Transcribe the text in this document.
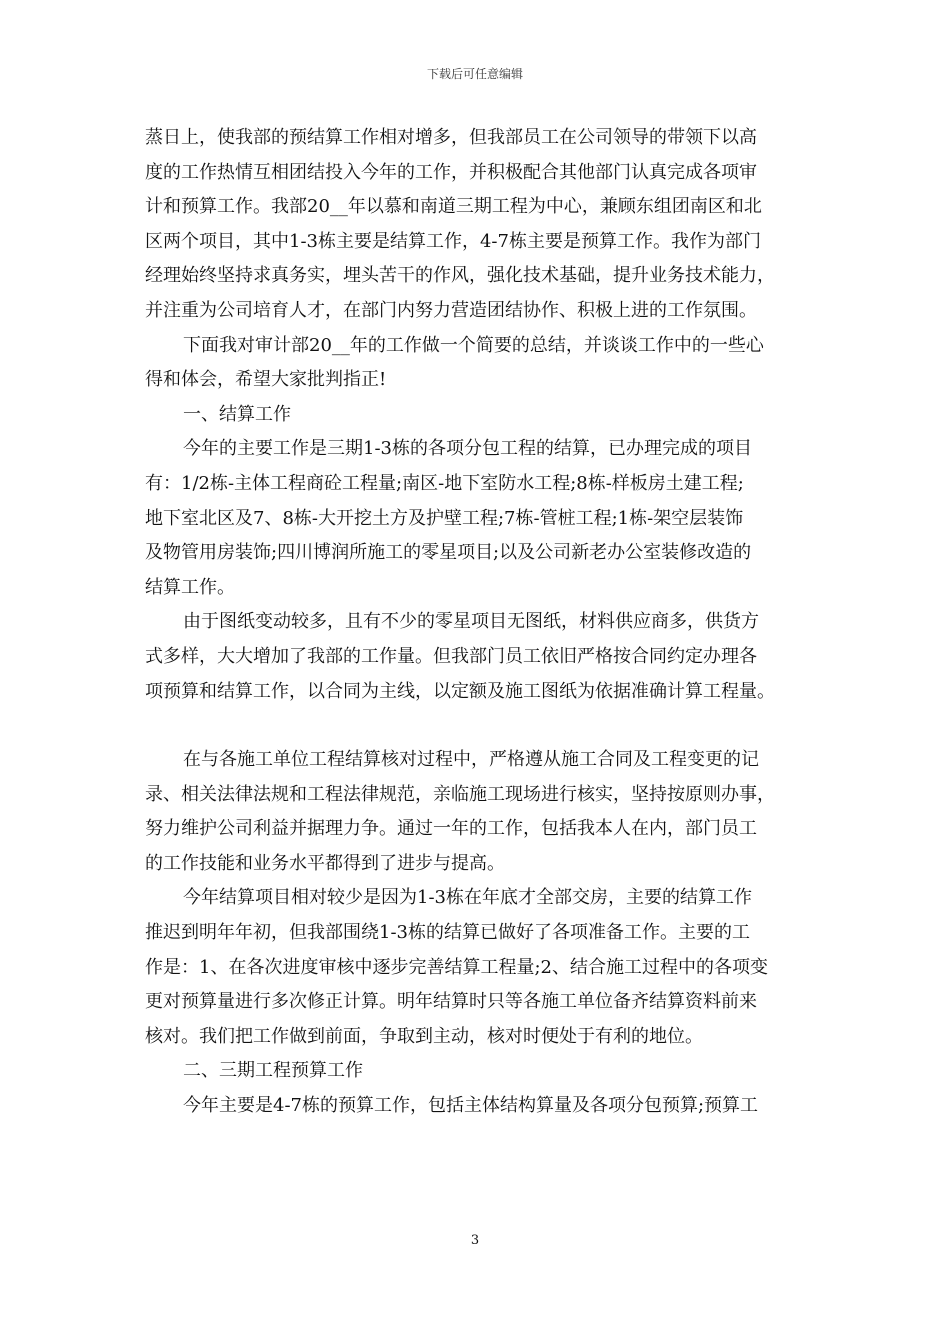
下载后可任意编辑
蒸日上，使我部的预结算工作相对增多，但我部员工在公司领导的带领下以高
度的工作热情互相团结投入今年的工作，并积极配合其他部门认真完成各项审
计和预算工作。我部20__年以慕和南道三期工程为中心，兼顾东组团南区和北
区两个项目，其中1-3栋主要是结算工作，4-7栋主要是预算工作。我作为部门
经理始终坚持求真务实，埋头苦干的作风，强化技术基础，提升业务技术能力，
并注重为公司培育人才，在部门内努力营造团结协作、积极上进的工作氛围。
下面我对审计部20__年的工作做一个简要的总结，并谈谈工作中的一些心
得和体会，希望大家批判指正!
一、结算工作
今年的主要工作是三期1-3栋的各项分包工程的结算，已办理完成的项目
有：1/2栋-主体工程商砼工程量;南区-地下室防水工程;8栋-样板房土建工程;
地下室北区及7、8栋-大开挖土方及护壁工程;7栋-管桩工程;1栋-架空层装饰
及物管用房装饰;四川博润所施工的零星项目;以及公司新老办公室装修改造的
结算工作。
由于图纸变动较多，且有不少的零星项目无图纸，材料供应商多，供货方
式多样，大大增加了我部的工作量。但我部门员工依旧严格按合同约定办理各
项预算和结算工作，以合同为主线，以定额及施工图纸为依据准确计算工程量。
在与各施工单位工程结算核对过程中，严格遵从施工合同及工程变更的记
录、相关法律法规和工程法律规范，亲临施工现场进行核实，坚持按原则办事，
努力维护公司利益并据理力争。通过一年的工作，包括我本人在内，部门员工
的工作技能和业务水平都得到了进步与提高。
今年结算项目相对较少是因为1-3栋在年底才全部交房，主要的结算工作
推迟到明年年初，但我部围绕1-3栋的结算已做好了各项准备工作。主要的工
作是：1、在各次进度审核中逐步完善结算工程量;2、结合施工过程中的各项变
更对预算量进行多次修正计算。明年结算时只等各施工单位备齐结算资料前来
核对。我们把工作做到前面，争取到主动，核对时便处于有利的地位。
二、三期工程预算工作
今年主要是4-7栋的预算工作，包括主体结构算量及各项分包预算;预算工
3
